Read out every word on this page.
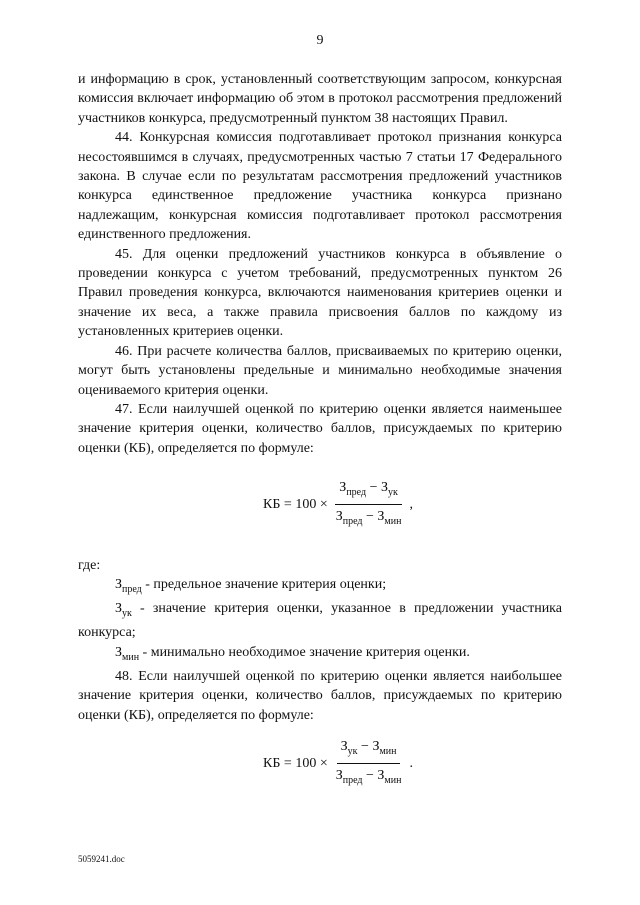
9

и информацию в срок, установленный соответствующим запросом, конкурсная комиссия включает информацию об этом в протокол рассмотрения предложений участников конкурса, предусмотренный пунктом 38 настоящих Правил.

44. Конкурсная комиссия подготавливает протокол признания конкурса несостоявшимся в случаях, предусмотренных частью 7 статьи 17 Федерального закона. В случае если по результатам рассмотрения предложений участников конкурса единственное предложение участника конкурса признано надлежащим, конкурсная комиссия подготавливает протокол рассмотрения единственного предложения.

45. Для оценки предложений участников конкурса в объявление о проведении конкурса с учетом требований, предусмотренных пунктом 26 Правил проведения конкурса, включаются наименования критериев оценки и значение их веса, а также правила присвоения баллов по каждому из установленных критериев оценки.

46. При расчете количества баллов, присваиваемых по критерию оценки, могут быть установлены предельные и минимально необходимые значения оцениваемого критерия оценки.

47. Если наилучшей оценкой по критерию оценки является наименьшее значение критерия оценки, количество баллов, присуждаемых по критерию оценки (КБ), определяется по формуле:

КБ = $100 \times \frac{З_{пред} - З_{ук}}{З_{пред} - З_{мин}}$ ,

где:

$З_{пред}$ - предельное значение критерия оценки;

$З_{ук}$ - значение критерия оценки, указанное в предложении участника конкурса;

$З_{мин}$ - минимально необходимое значение критерия оценки.

48. Если наилучшей оценкой по критерию оценки является наибольшее значение критерия оценки, количество баллов, присуждаемых по критерию оценки (КБ), определяется по формуле:

КБ = $100 \times \frac{З_{ук} - З_{мин}}{З_{пред} - З_{мин}}$ .
5059241.doc
